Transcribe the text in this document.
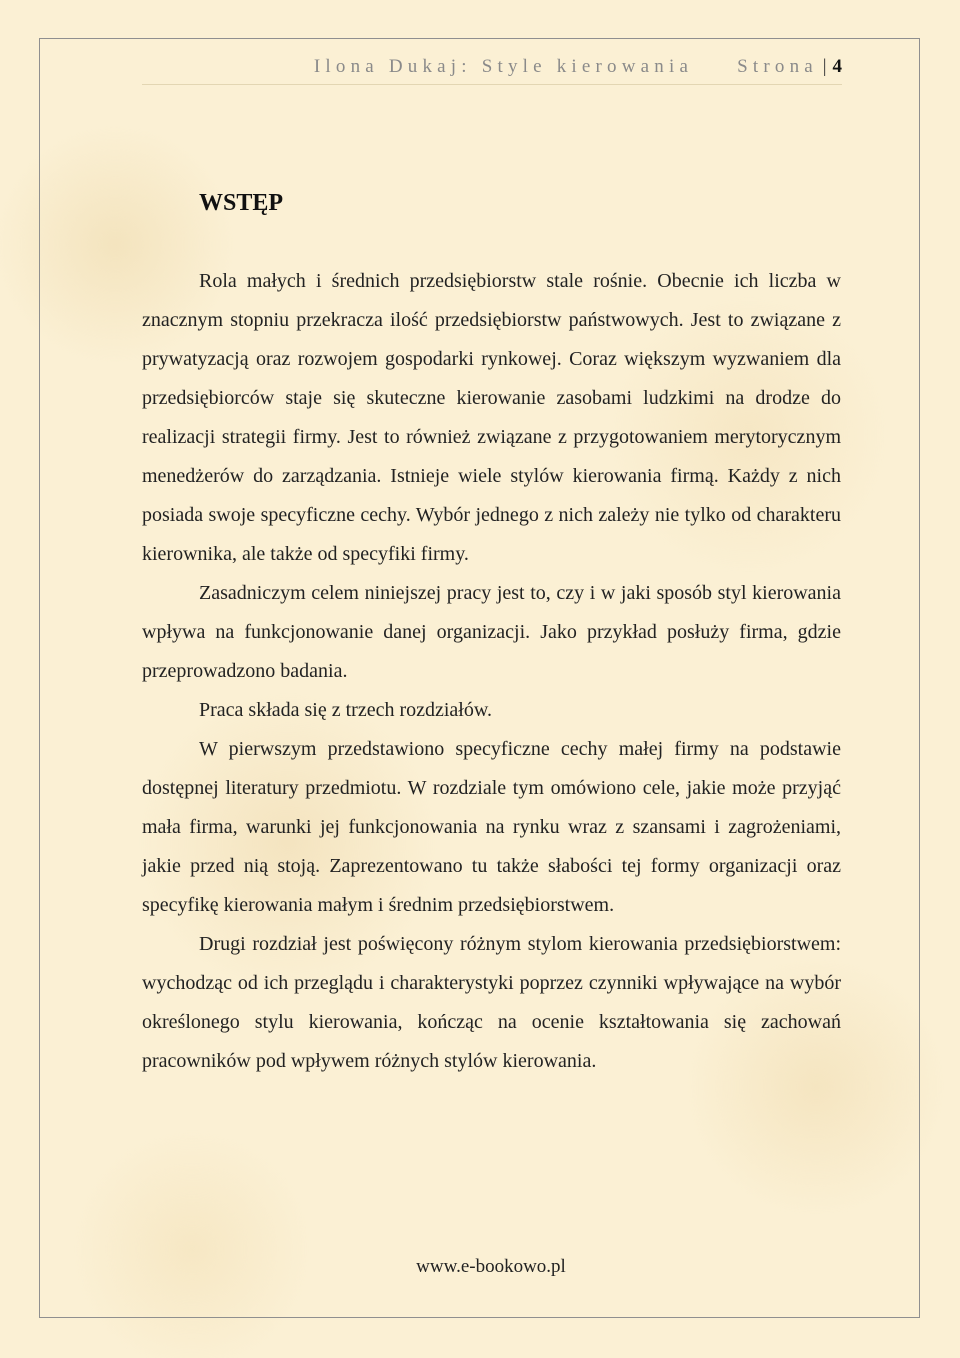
Ilona Dukaj: Style kierowania Strona | 4
WSTĘP

Rola małych i średnich przedsiębiorstw stale rośnie. Obecnie ich liczba w znacznym stopniu przekracza ilość przedsiębiorstw państwowych. Jest to związane z prywatyzacją oraz rozwojem gospodarki rynkowej. Coraz większym wyzwaniem dla przedsiębiorców staje się skuteczne kierowanie zasobami ludzkimi na drodze do realizacji strategii firmy. Jest to również związane z przygotowaniem merytorycznym menedżerów do zarządzania. Istnieje wiele stylów kierowania firmą. Każdy z nich posiada swoje specyficzne cechy. Wybór jednego z nich zależy nie tylko od charakteru kierownika, ale także od specyfiki firmy.

Zasadniczym celem niniejszej pracy jest to, czy i w jaki sposób styl kierowania wpływa na funkcjonowanie danej organizacji. Jako przykład posłuży firma, gdzie przeprowadzono badania.

Praca składa się z trzech rozdziałów.

W pierwszym przedstawiono specyficzne cechy małej firmy na podstawie dostępnej literatury przedmiotu. W rozdziale tym omówiono cele, jakie może przyjąć mała firma, warunki jej funkcjonowania na rynku wraz z szansami i zagrożeniami, jakie przed nią stoją. Zaprezentowano tu także słabości tej formy organizacji oraz specyfikę kierowania małym i średnim przedsiębiorstwem.

Drugi rozdział jest poświęcony różnym stylom kierowania przedsiębiorstwem: wychodząc od ich przeglądu i charakterystyki poprzez czynniki wpływające na wybór określonego stylu kierowania, kończąc na ocenie kształtowania się zachowań pracowników pod wpływem różnych stylów kierowania.

www.e-bookowo.pl
